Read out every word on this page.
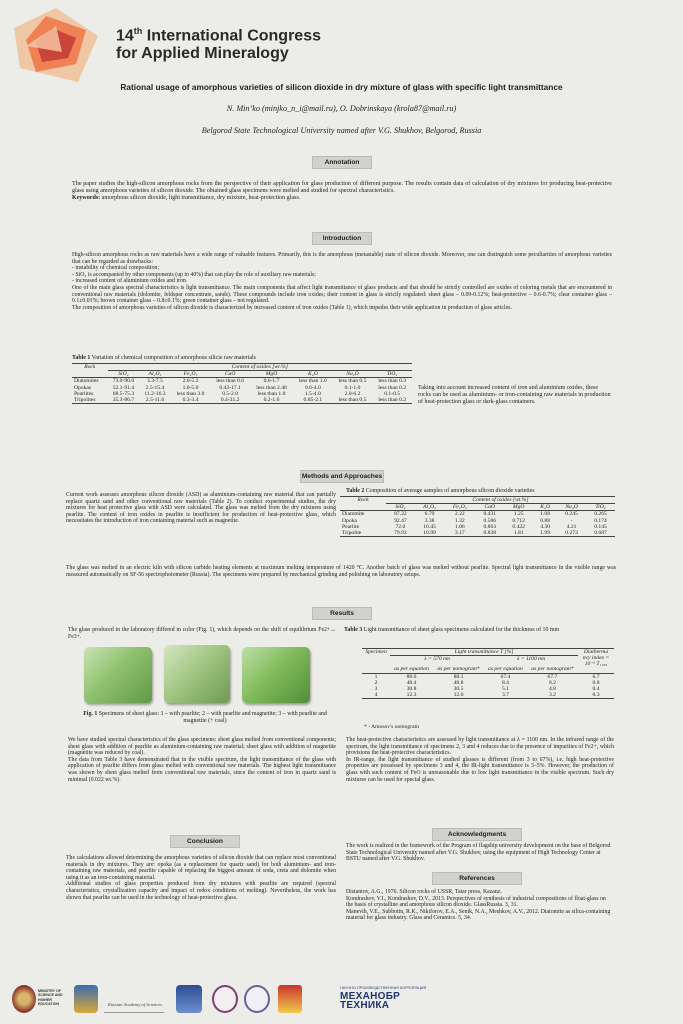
14th International Congress
for Applied Mineralogy
Rational usage of amorphous varieties of silicon dioxide in dry mixture of glass with specific light transmittance
N. Min’ko (minjko_n_i@mail.ru), O. Dobrinskaya (krola87@mail.ru)
Belgorod State Technological University named after V.G. Shukhov, Belgorod, Russia
Annotation

The paper studies the high-silicon amorphous rocks from the perspective of their application for glass production of different purpose. The results contain data of calculation of dry mixtures for producing heat-protective glass using amorphous varieties of silicon dioxide. The obtained glass specimens were melted and studied for spectral characteristics.

Keywords: amorphous silicon dioxide, light transmittance, dry mixture, heat-protection glass.

Introduction

High-silicon amorphous rocks as raw materials have a wide range of valuable features. Primarily, this is the amorphous (metastable) state of silicon dioxide. Moreover, one can distinguish some peculiarities of amorphous varieties that can be regarded as drawbacks:

- instability of chemical composition;

- SiO₂ is accompanied by other components (up to 40%) that can play the role of auxiliary raw materials;

- increased content of aluminium oxides and iron.

One of the main glass spectral characteristics is light transmittance. The main components that affect light transmittance of glass products and that should be strictly controlled are oxides of coloring metals that are encountered in conventional raw materials (dolomite, feldspar concentrate, sands). These compounds include iron oxides; their content in glass is strictly regulated: sheet glass – 0.09-0.12%; heat-protective – 0.6-0.7%; clear container glass – 0.1±0.01%; brown container glass – 0.8±0.1%; green container glass – not regulated.

The composition of amorphous varieties of silicon dioxide is characterized by increased content of iron oxides (Table 1), which impedes their wide application in production of glass articles.

Table 1 Variation of chemical composition of amorphous silicie raw materials
Rock	Content of oxides [wt.%]							
	SiO₂	Al₂O₃	Fe₂O₃	CaO	MgO	K₂O	Na₂O	TiO₂
Diatomites	73.0-90.0	3.3-7.5	2.0-5.2	less than 0.6	0.6-1.7	less than 1.0	less than 0.5	less than 0.3
Opokas	52.1-91.4	2.5-15.4	1.0-5.0	0.43-17.1	less than 2.48	0.6-4.0	0.1-1.0	less than 0.2
Pearlites	68.5-75.3	11.2-16.3	less than 3.0	0.5-2.0	less than 1.0	1.5-4.0	2.0-6.2	0.1-0.5
Tripolites	35.3-86.7	2.5-11.6	0.3-3.4	0.4-31.2	0.2-1.6	0.85-2.1	less than 0.5	less than 0.2
Taking into account increased content of iron and aluminium oxides, these rocks can be used as aluminium- or iron-containing raw materials in production of heat-protection glass or dark-glass containers.
Methods and Approaches
Current work assesses amorphous silicon dioxide (ASD) as aluminium-containing raw material that can partially replace quartz sand and other conventional raw materials (Table 2). To conduct experimental studies, the dry mixtures for heat protective glass with ASD were calculated. The glass was melted from the dry mixtures using pearlite. The content of iron oxides in pearlite is insufficient for production of heat-protective glass, which necessitates the introduction of iron containing material such as magnetite.
Table 2 Composition of average samples of amorphous silicon dioxide varieties
Rock	Content of oxides [wt.%]							
	SiO₂	Al₂O₃	Fe₂O₃	CaO	MgO	K₂O	Na₂O	TiO₂
Diatomite	87.22	6.79	2.22	0.431	1.25	1.08	0.245	0.265
Opoka	92.47	3.38	1.32	0.506	0.712	0.88	-	0.174
Pearlite	72.0	16.45	1.06	0.863	0.422	4.30	4.21	0.145
Tripolite	79.93	10.99	3.17	0.838	1.81	1.99	0.273	0.687
The glass was melted in an electric kiln with silicon carbide heating elements at maximum melting temperature of 1420 °C. Another batch of glass was melted without pearlite. Spectral light transmittance in the visible range was measured automatically on SF-56 spectrophotometer (Russia). The specimens were prepared by mechanical grinding and polishing on laboratory setups.
Results
The glass produced in the laboratory differed in color (Fig. 1), which depends on the shift of equilibrium Fe2+↔ Fe3+.
Fig. 1 Specimens of sheet glass: 1 – with pearlite; 2 – with pearlite and magnetite; 3 – with pearlite and magnetite (+ coal)

We have studied spectral characteristics of the glass specimens: sheet glass melted from conventional components; sheet glass with addition of pearlite as aluminium-containing raw material; sheet glass with addition of magnetite (magnetite was reduced by coal).

The data from Table 3 have demonstrated that in the visible spectrum, the light transmittance of the glass with application of pearlite differs from glass melted with conventional raw materials. The highest light transmittance was shown by sheet glass melted from conventional raw materials, since the content of iron in quartz sand is minimal (0.022 wt.%).

Table 3 Light transmittance of sheet glass specimens calculated for the thickness of 10 mm
Specimen	Light transmittance T [%]				Diatherma ncy index = 10⁻² T₁₁₀₀
	λ = 570 nm		λ = 1100 nm		
	as per equation	as per nomogram*	as per equation	as per nomogram*	
1	88.6	88.1	67.4	67.7	6.7
2	48.4	48.8	8.4	8.2	0.8
3	30.8	30.5	5.1	4.8	0.4
4	12.3	12.0	3.7	3.2	0.3
* - Amosov's nomogram

The heat-protective characteristics are assessed by light transmittance at λ = 1100 nm. In the infrared range of the spectrum, the light transmittance of specimens 2, 3 and 4 reduces due to the presence of impurities of Fe2+, which provisions the heat-protective characteristics.

In IR-range, the light transmittance of studied glasses is different (from 3 to 67%), i.e. high heat-protective properties are possessed by specimens 3 and 4, the IR-light transmittance is 3–5%. However, the production of glass with such content of FeO is unreasonable due to low light transmittance in the visible spectrum. Such dry mixtures can be used for special glass.

Conclusion

The calculations allowed determining the amorphous varieties of silicon dioxide that can replace most conventional materials in dry mixtures. They are: opoka (as a replacement for quartz sand) for both aluminium- and iron-containing raw materials, and pearlite capable of replacing the biggest amount of soda, creta and dolomite when using it as an iron-containing material.

Additional studies of glass properties produced from dry mixtures with pearlite are required (spectral characteristics, crystallization capacity and impact of redox conditions of melting). Nevertheless, the work has shown that pearlite can be used in the technology of heat-protective glass.

Acknowledgments
The work is realized in the framework of the Program of flagship university development on the base of Belgorod State Technological University named after V.G. Shukhov, using the equipment of High Technology Center at BSTU named after V.G. Shukhov.
References

Distantov, A.G., 1976. Silicon rocks of USSR, Tatar press, Kazanz.

Kondrashov, V.I., Kondrashov, D.V., 2013. Perspectives of synthesis of industrial compositions of float-glass on the basis of crystalline and amorphous silicon dioxide. GlassRussia. 3, 31.

Manevih, V.E., Subbotin, R.K., Nikiforov, E.A., Senik, N.A., Meshkov, A.V., 2012. Diatomite as silica-containing material for glass industry. Glass and Ceramics. 5, 34.

MINISTRY OF SCIENCE AND HIGHER EDUCATION	Russian Academy of Sciences
НАУЧНО-ПРОИЗВОДСТВЕННАЯ КОРПОРАЦИЯ
МЕХАНОБР
ТЕХНИКА
